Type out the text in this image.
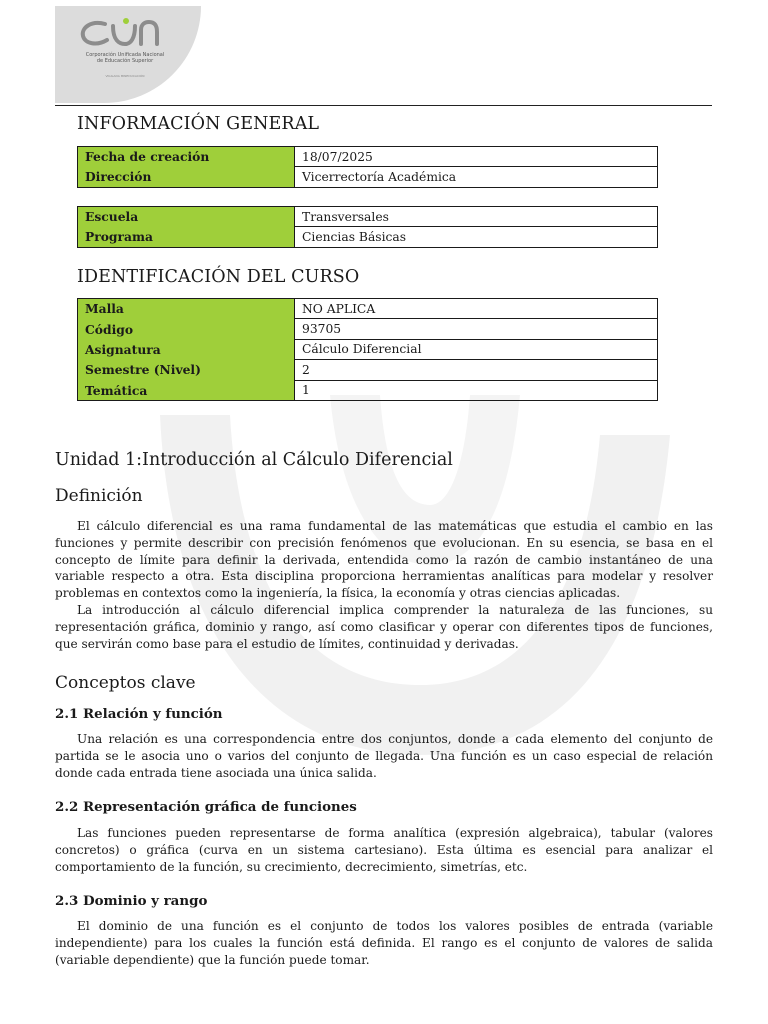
Corporación Unificada Nacional
de Educación Superior
VIGILADA MINEDUCACIÓN
INFORMACIÓN GENERAL
Fecha de creación	18/07/2025
Dirección	Vicerrectoría Académica
Escuela	Transversales
Programa	Ciencias Básicas
IDENTIFICACIÓN DEL CURSO
Malla	NO APLICA
Código	93705
Asignatura	Cálculo Diferencial
Semestre (Nivel)	2
Temática	1
Unidad 1:Introducción al Cálculo Diferencial
Definición

El cálculo diferencial es una rama fundamental de las matemáticas que estudia el cambio en las funciones y permite describir con precisión fenómenos que evolucionan. En su esencia, se basa en el concepto de límite para definir la derivada, entendida como la razón de cambio instantáneo de una variable respecto a otra. Esta disciplina proporciona herramientas analíticas para modelar y resolver problemas en contextos como la ingeniería, la física, la economía y otras ciencias aplicadas.

La introducción al cálculo diferencial implica comprender la naturaleza de las funciones, su representación gráfica, dominio y rango, así como clasificar y operar con diferentes tipos de funciones, que servirán como base para el estudio de límites, continuidad y derivadas.

Conceptos clave
2.1 Relación y función

Una relación es una correspondencia entre dos conjuntos, donde a cada elemento del conjunto de partida se le asocia uno o varios del conjunto de llegada. Una función es un caso especial de relación donde cada entrada tiene asociada una única salida.

2.2 Representación gráfica de funciones

Las funciones pueden representarse de forma analítica (expresión algebraica), tabular (valores concretos) o gráfica (curva en un sistema cartesiano). Esta última es esencial para analizar el comportamiento de la función, su crecimiento, decrecimiento, simetrías, etc.

2.3 Dominio y rango

El dominio de una función es el conjunto de todos los valores posibles de entrada (variable independiente) para los cuales la función está definida. El rango es el conjunto de valores de salida (variable dependiente) que la función puede tomar.
